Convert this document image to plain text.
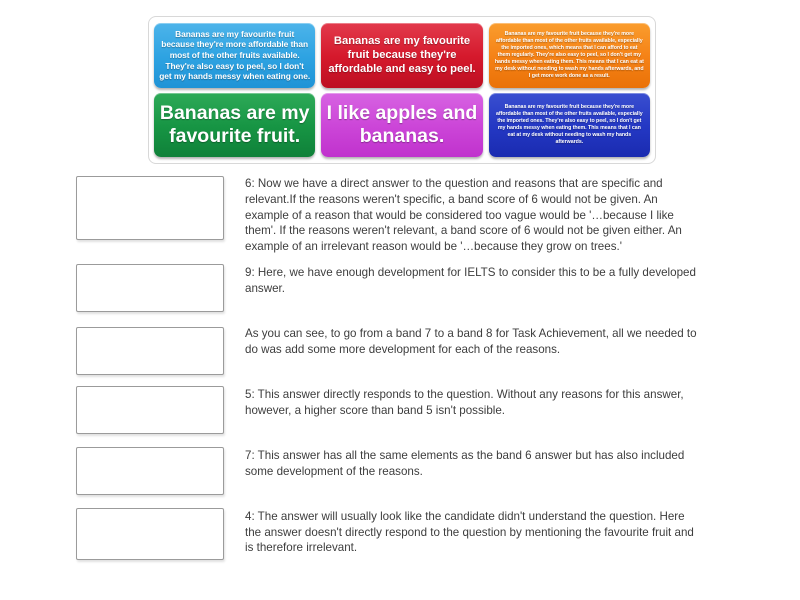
Bananas are my favourite fruit because they're more affordable than most of the other fruits available. They're also easy to peel, so I don't get my hands messy when eating one.
Bananas are my favourite fruit because they're affordable and easy to peel.
Bananas are my favourite fruit because they're more affordable than most of the other fruits available, especially the imported ones, which means that I can afford to eat them regularly. They're also easy to peel, so I don't get my hands messy when eating them. This means that I can eat at my desk without needing to wash my hands afterwards, and I get more work done as a result.
Bananas are my favourite fruit.
I like apples and bananas.
Bananas are my favourite fruit because they're more affordable than most of the other fruits available, especially the imported ones. They're also easy to peel, so I don't get my hands messy when eating them. This means that I can eat at my desk without needing to wash my hands afterwards.
6: Now we have a direct answer to the question and reasons that are specific and relevant.If the reasons weren't specific, a band score of 6 would not be given. An example of a reason that would be considered too vague would be '…because I like them'. If the reasons weren't relevant, a band score of 6 would not be given either. An example of an irrelevant reason would be '…because they grow on trees.'
9: Here, we have enough development for IELTS to consider this to be a fully developed answer.
As you can see, to go from a band 7 to a band 8 for Task Achievement, all we needed to do was add some more development for each of the reasons.
5: This answer directly responds to the question. Without any reasons for this answer, however, a higher score than band 5 isn't possible.
7: This answer has all the same elements as the band 6 answer but has also included some development of the reasons.
4: The answer will usually look like the candidate didn't understand the question. Here the answer doesn't directly respond to the question by mentioning the favourite fruit and is therefore irrelevant.
